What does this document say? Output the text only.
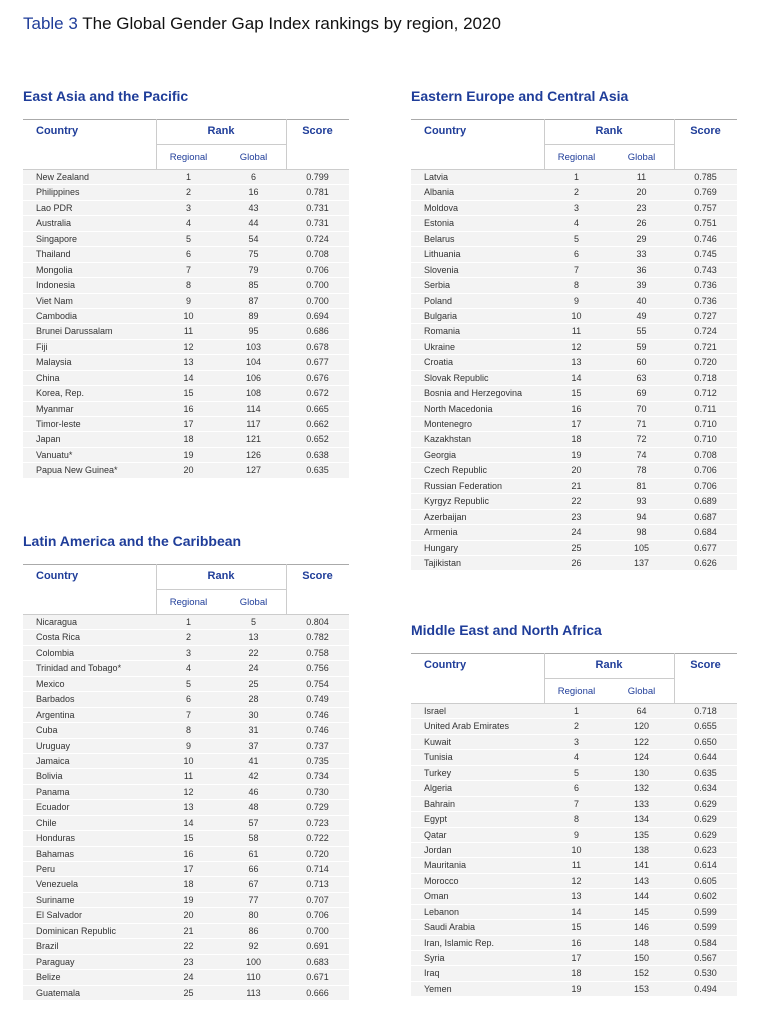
Table 3 The Global Gender Gap Index rankings by region, 2020
East Asia and the Pacific
Country	Rank	Score
Regional	Global
New Zealand	1	6	0.799
Philippines	2	16	0.781
Lao PDR	3	43	0.731
Australia	4	44	0.731
Singapore	5	54	0.724
Thailand	6	75	0.708
Mongolia	7	79	0.706
Indonesia	8	85	0.700
Viet Nam	9	87	0.700
Cambodia	10	89	0.694
Brunei Darussalam	11	95	0.686
Fiji	12	103	0.678
Malaysia	13	104	0.677
China	14	106	0.676
Korea, Rep.	15	108	0.672
Myanmar	16	114	0.665
Timor-leste	17	117	0.662
Japan	18	121	0.652
Vanuatu*	19	126	0.638
Papua New Guinea*	20	127	0.635
Eastern Europe and Central Asia
Country	Rank	Score
Regional	Global
Latvia	1	11	0.785
Albania	2	20	0.769
Moldova	3	23	0.757
Estonia	4	26	0.751
Belarus	5	29	0.746
Lithuania	6	33	0.745
Slovenia	7	36	0.743
Serbia	8	39	0.736
Poland	9	40	0.736
Bulgaria	10	49	0.727
Romania	11	55	0.724
Ukraine	12	59	0.721
Croatia	13	60	0.720
Slovak Republic	14	63	0.718
Bosnia and Herzegovina	15	69	0.712
North Macedonia	16	70	0.711
Montenegro	17	71	0.710
Kazakhstan	18	72	0.710
Georgia	19	74	0.708
Czech Republic	20	78	0.706
Russian Federation	21	81	0.706
Kyrgyz Republic	22	93	0.689
Azerbaijan	23	94	0.687
Armenia	24	98	0.684
Hungary	25	105	0.677
Tajikistan	26	137	0.626
Latin America and the Caribbean
Country	Rank	Score
Regional	Global
Nicaragua	1	5	0.804
Costa Rica	2	13	0.782
Colombia	3	22	0.758
Trinidad and Tobago*	4	24	0.756
Mexico	5	25	0.754
Barbados	6	28	0.749
Argentina	7	30	0.746
Cuba	8	31	0.746
Uruguay	9	37	0.737
Jamaica	10	41	0.735
Bolivia	11	42	0.734
Panama	12	46	0.730
Ecuador	13	48	0.729
Chile	14	57	0.723
Honduras	15	58	0.722
Bahamas	16	61	0.720
Peru	17	66	0.714
Venezuela	18	67	0.713
Suriname	19	77	0.707
El Salvador	20	80	0.706
Dominican Republic	21	86	0.700
Brazil	22	92	0.691
Paraguay	23	100	0.683
Belize	24	110	0.671
Guatemala	25	113	0.666
Middle East and North Africa
Country	Rank	Score
Regional	Global
Israel	1	64	0.718
United Arab Emirates	2	120	0.655
Kuwait	3	122	0.650
Tunisia	4	124	0.644
Turkey	5	130	0.635
Algeria	6	132	0.634
Bahrain	7	133	0.629
Egypt	8	134	0.629
Qatar	9	135	0.629
Jordan	10	138	0.623
Mauritania	11	141	0.614
Morocco	12	143	0.605
Oman	13	144	0.602
Lebanon	14	145	0.599
Saudi Arabia	15	146	0.599
Iran, Islamic Rep.	16	148	0.584
Syria	17	150	0.567
Iraq	18	152	0.530
Yemen	19	153	0.494
